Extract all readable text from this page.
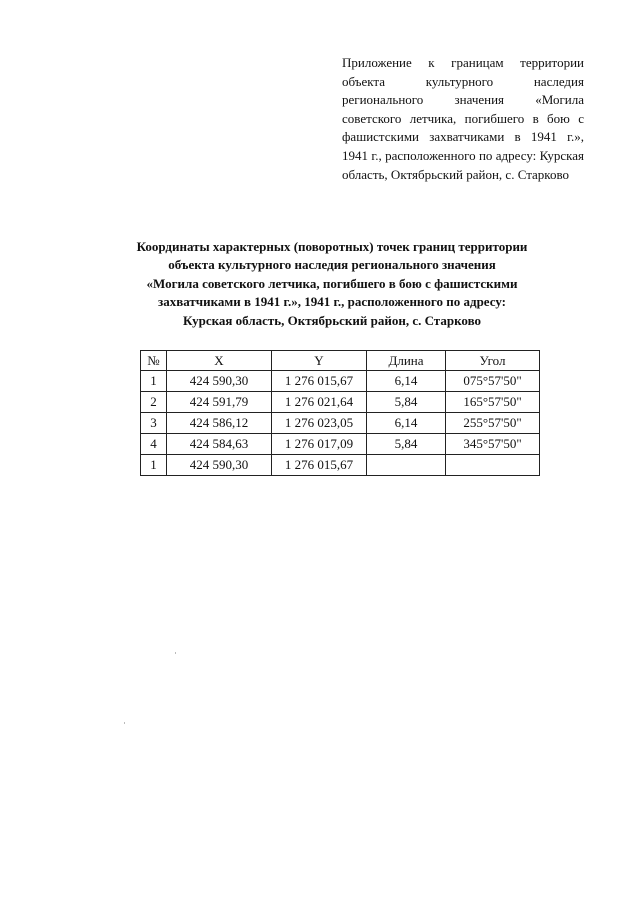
Приложение к границам территории объекта культурного наследия регионального значения «Могила советского летчика, погибшего в бою с фашистскими захватчиками в 1941 г.», 1941 г., расположенного по адресу: Курская область, Октябрьский район, с. Старково
Координаты характерных (поворотных) точек границ территории
объекта культурного наследия регионального значения
«Могила советского летчика, погибшего в бою с фашистскими
захватчиками в 1941 г.», 1941 г., расположенного по адресу:
Курская область, Октябрьский район, с. Старково
№	X	Y	Длина	Угол
1	424 590,30	1 276 015,67	6,14	075°57'50"
2	424 591,79	1 276 021,64	5,84	165°57'50"
3	424 586,12	1 276 023,05	6,14	255°57'50"
4	424 584,63	1 276 017,09	5,84	345°57'50"
1	424 590,30	1 276 015,67		
